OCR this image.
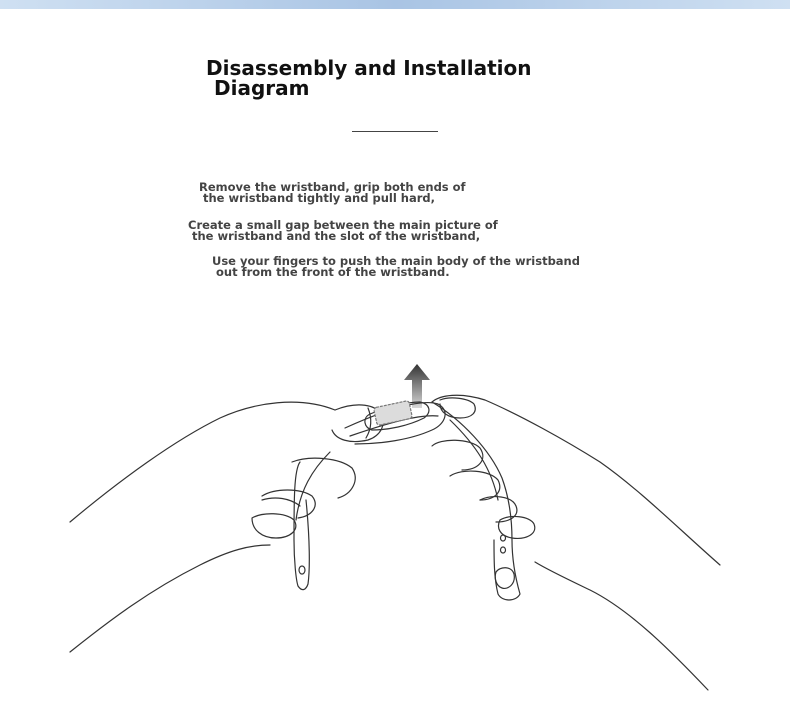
Disassembly and Installation
Diagram
Remove the wristband, grip both ends of
the wristband tightly and pull hard,
Create a small gap between the main picture of
the wristband and the slot of the wristband,
Use your fingers to push the main body of the wristband
out from the front of the wristband.
